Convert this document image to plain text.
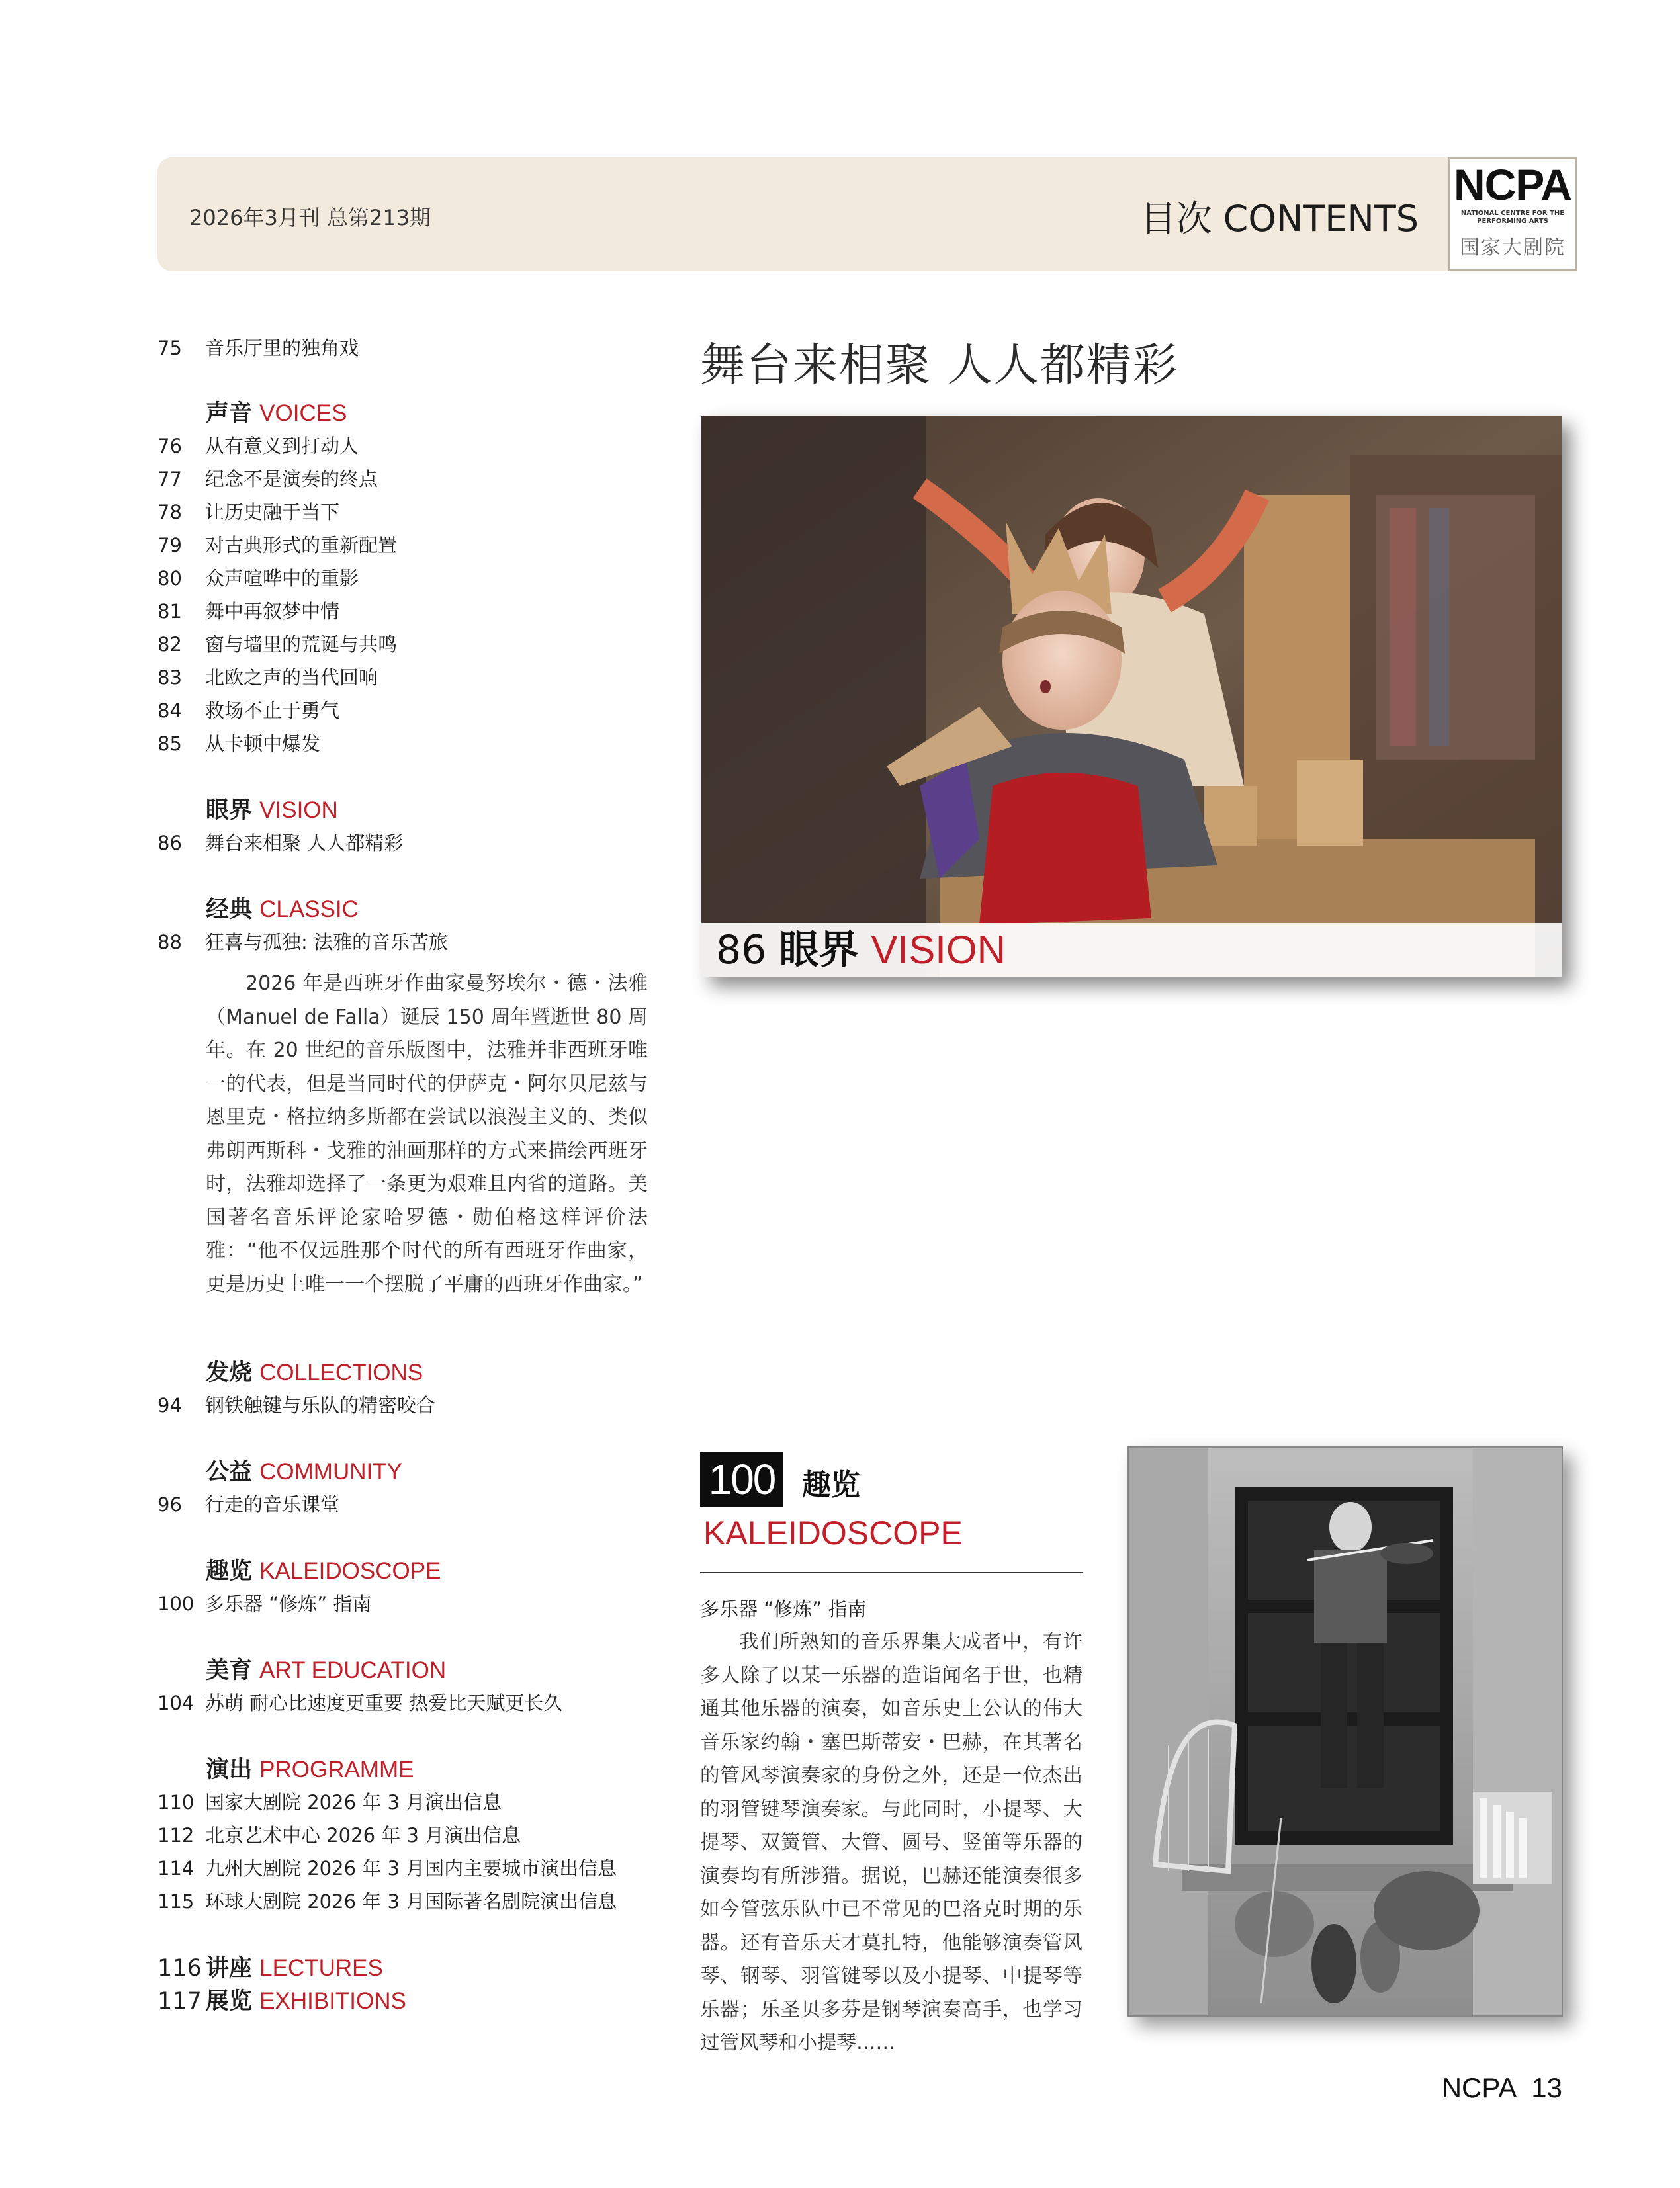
2026年3月刊 总第213期	目次 CONTENTS
NCPA
NATIONAL CENTRE FOR THE PERFORMING ARTS
国家大剧院
75 音乐厅里的独角戏
声音 VOICES
76 从有意义到打动人
77 纪念不是演奏的终点
78 让历史融于当下
79 对古典形式的重新配置
80 众声喧哗中的重影
81 舞中再叙梦中情
82 窗与墙里的荒诞与共鸣
83 北欧之声的当代回响
84 救场不止于勇气
85 从卡顿中爆发
眼界 VISION
86 舞台来相聚 人人都精彩
经典 CLASSIC
88 狂喜与孤独: 法雅的音乐苦旅
2026 年是西班牙作曲家曼努埃尔・德・法雅（Manuel de Falla）诞辰 150 周年暨逝世 80 周年。在 20 世纪的音乐版图中，法雅并非西班牙唯一的代表，但是当同时代的伊萨克・阿尔贝尼兹与恩里克・格拉纳多斯都在尝试以浪漫主义的、类似弗朗西斯科・戈雅的油画那样的方式来描绘西班牙时，法雅却选择了一条更为艰难且内省的道路。美国著名音乐评论家哈罗德・勋伯格这样评价法雅：“他不仅远胜那个时代的所有西班牙作曲家，更是历史上唯一一个摆脱了平庸的西班牙作曲家。”
发烧 COLLECTIONS
94 钢铁触键与乐队的精密咬合
公益 COMMUNITY
96 行走的音乐课堂
趣览 KALEIDOSCOPE
100 多乐器 “修炼” 指南
美育 ART EDUCATION
104 苏萌 耐心比速度更重要 热爱比天赋更长久
演出 PROGRAMME
110 国家大剧院 2026 年 3 月演出信息
112 北京艺术中心 2026 年 3 月演出信息
114 九州大剧院 2026 年 3 月国内主要城市演出信息
115 环球大剧院 2026 年 3 月国际著名剧院演出信息
116 讲座 LECTURES
117 展览 EXHIBITIONS
舞台来相聚 人人都精彩
86 眼界 VISION
100 趣览
KALEIDOSCOPE
多乐器 “修炼” 指南
我们所熟知的音乐界集大成者中，有许多人除了以某一乐器的造诣闻名于世，也精通其他乐器的演奏，如音乐史上公认的伟大音乐家约翰・塞巴斯蒂安・巴赫，在其著名的管风琴演奏家的身份之外，还是一位杰出的羽管键琴演奏家。与此同时，小提琴、大提琴、双簧管、大管、圆号、竖笛等乐器的演奏均有所涉猎。据说，巴赫还能演奏很多如今管弦乐队中已不常见的巴洛克时期的乐器。还有音乐天才莫扎特，他能够演奏管风琴、钢琴、羽管键琴以及小提琴、中提琴等乐器；乐圣贝多芬是钢琴演奏高手，也学习过管风琴和小提琴……
NCPA 13
